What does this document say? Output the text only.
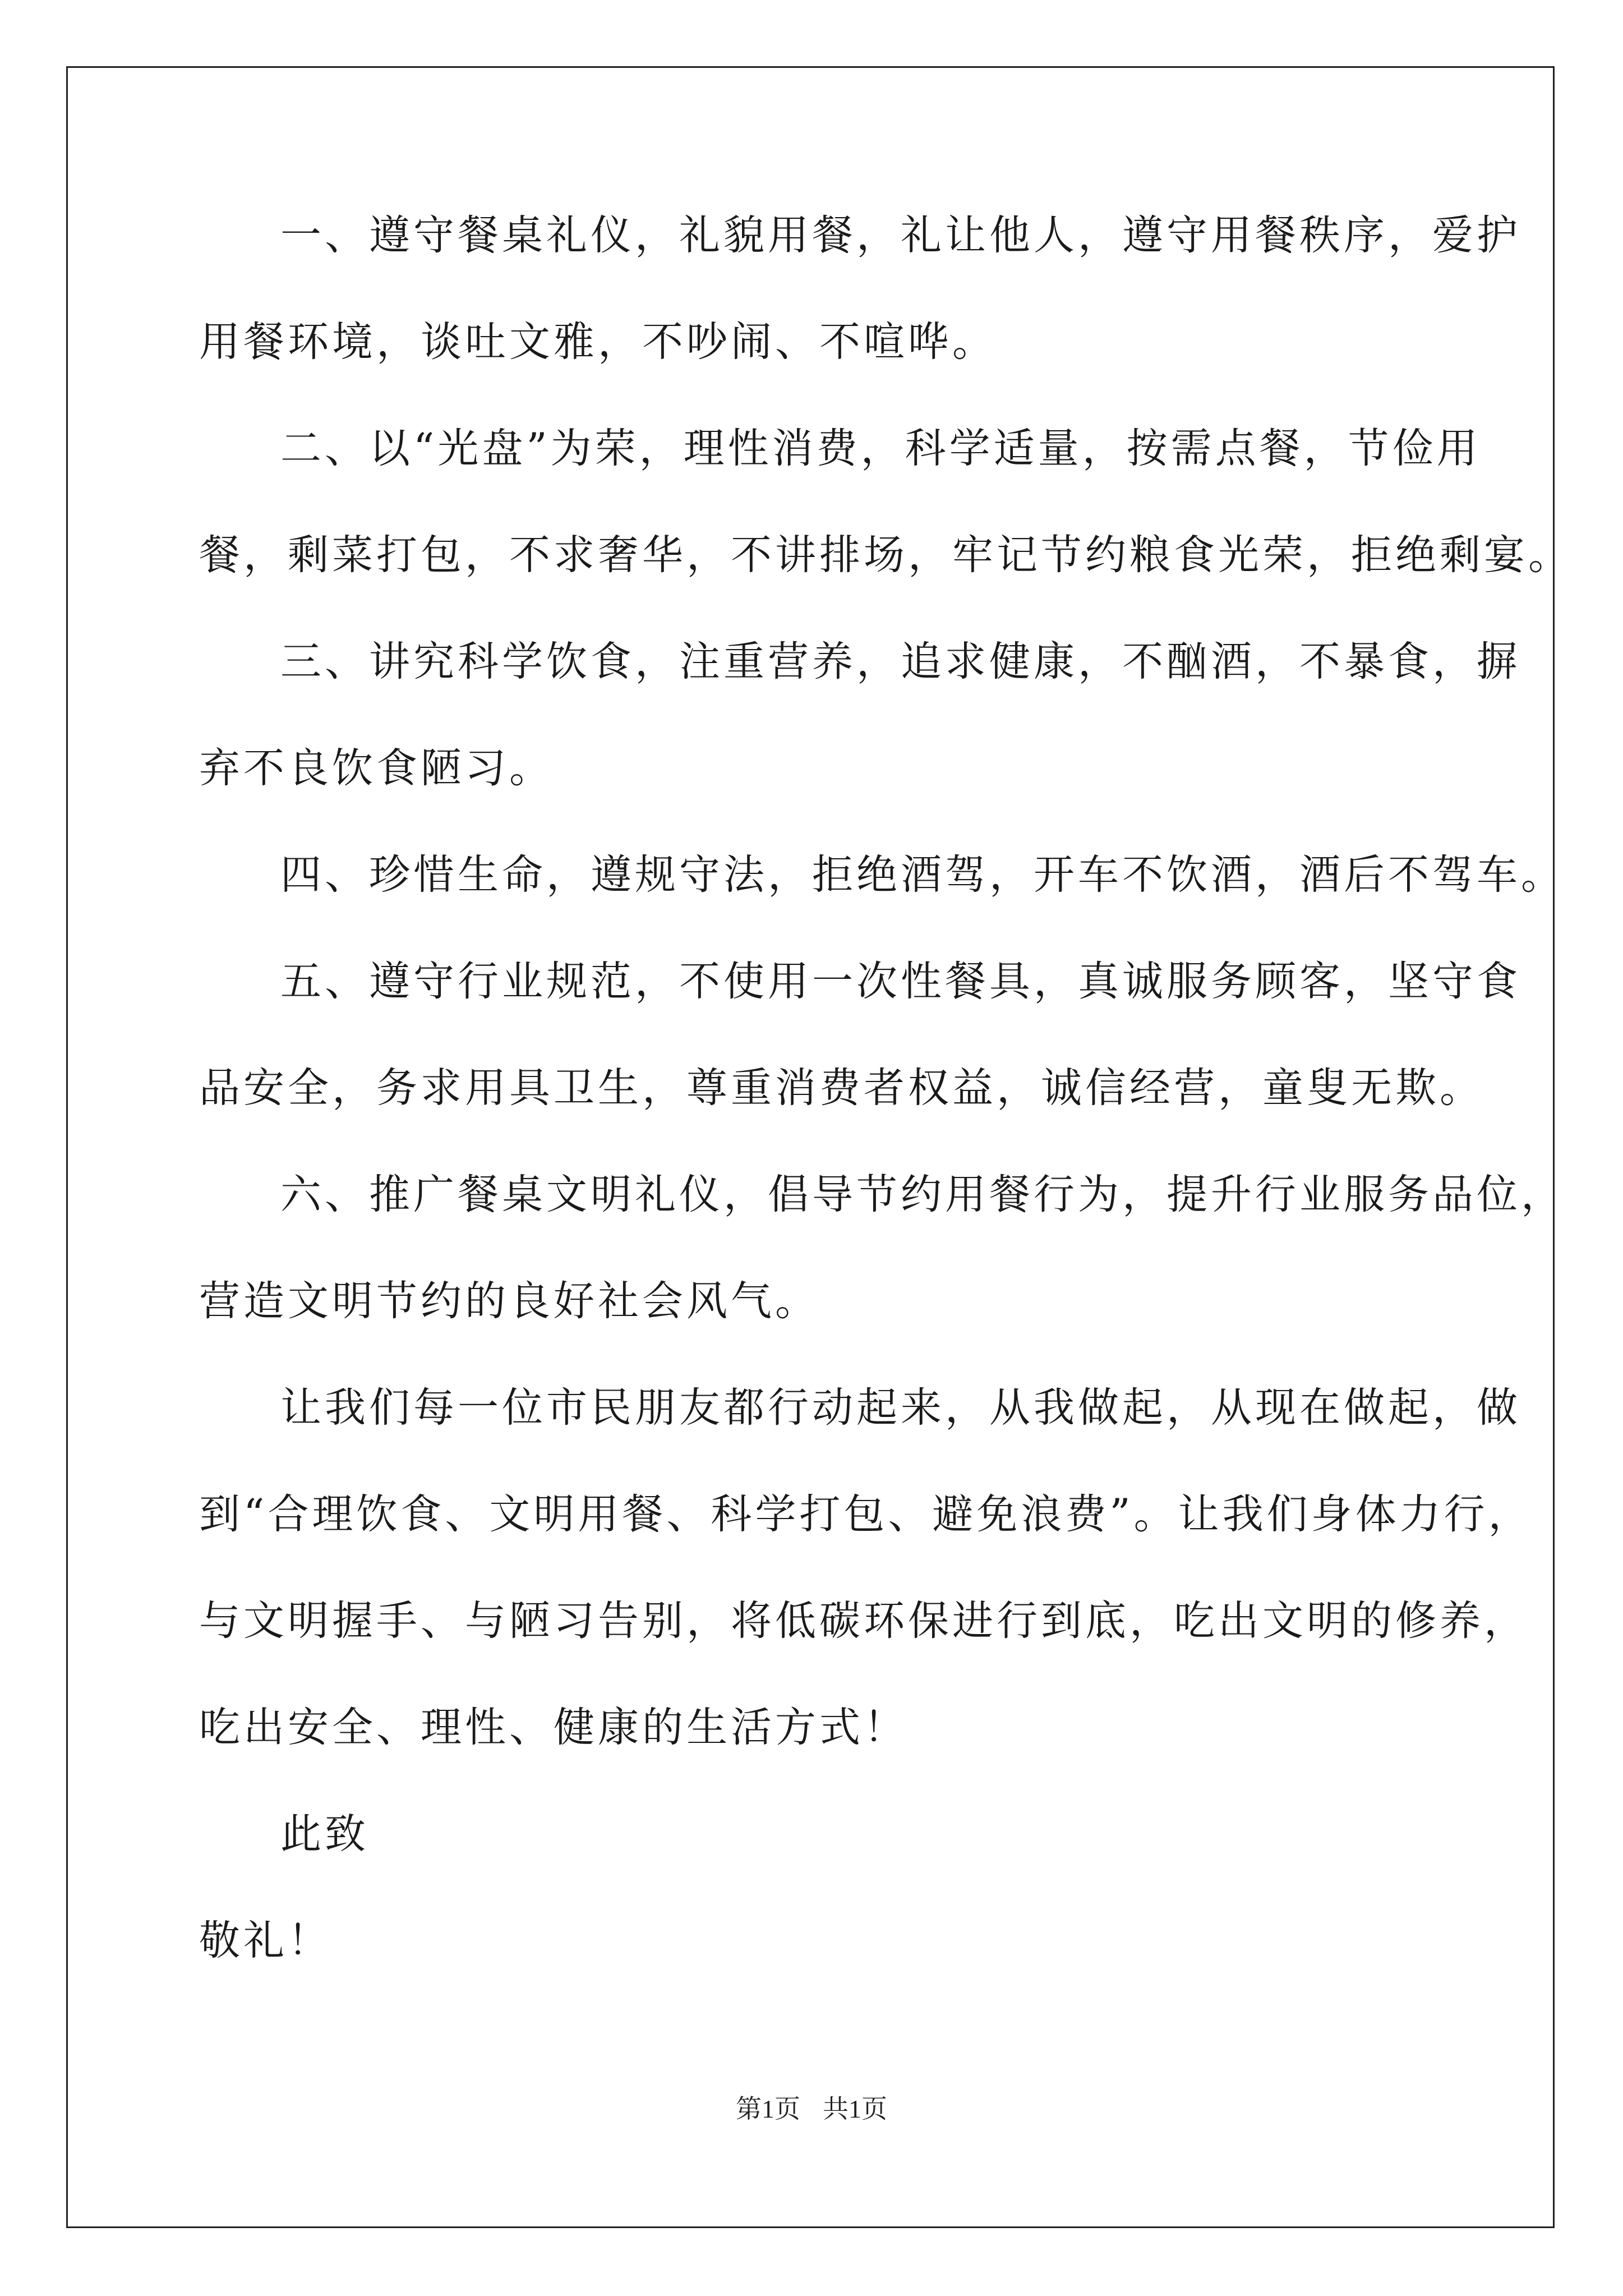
一、遵守餐桌礼仪，礼貌用餐，礼让他人，遵守用餐秩序，爱护
用餐环境，谈吐文雅，不吵闹、不喧哗。
二、以“光盘”为荣，理性消费，科学适量，按需点餐，节俭用
餐，剩菜打包，不求奢华，不讲排场，牢记节约粮食光荣，拒绝剩宴。
三、讲究科学饮食，注重营养，追求健康，不酗酒，不暴食，摒
弃不良饮食陋习。
四、珍惜生命，遵规守法，拒绝酒驾，开车不饮酒，酒后不驾车。
五、遵守行业规范，不使用一次性餐具，真诚服务顾客，坚守食
品安全，务求用具卫生，尊重消费者权益，诚信经营，童叟无欺。
六、推广餐桌文明礼仪，倡导节约用餐行为，提升行业服务品位，
营造文明节约的良好社会风气。
让我们每一位市民朋友都行动起来，从我做起，从现在做起，做
到“合理饮食、文明用餐、科学打包、避免浪费”。让我们身体力行，
与文明握手、与陋习告别，将低碳环保进行到底，吃出文明的修养，
吃出安全、理性、健康的生活方式！
此致
敬礼！
第1页 共1页
